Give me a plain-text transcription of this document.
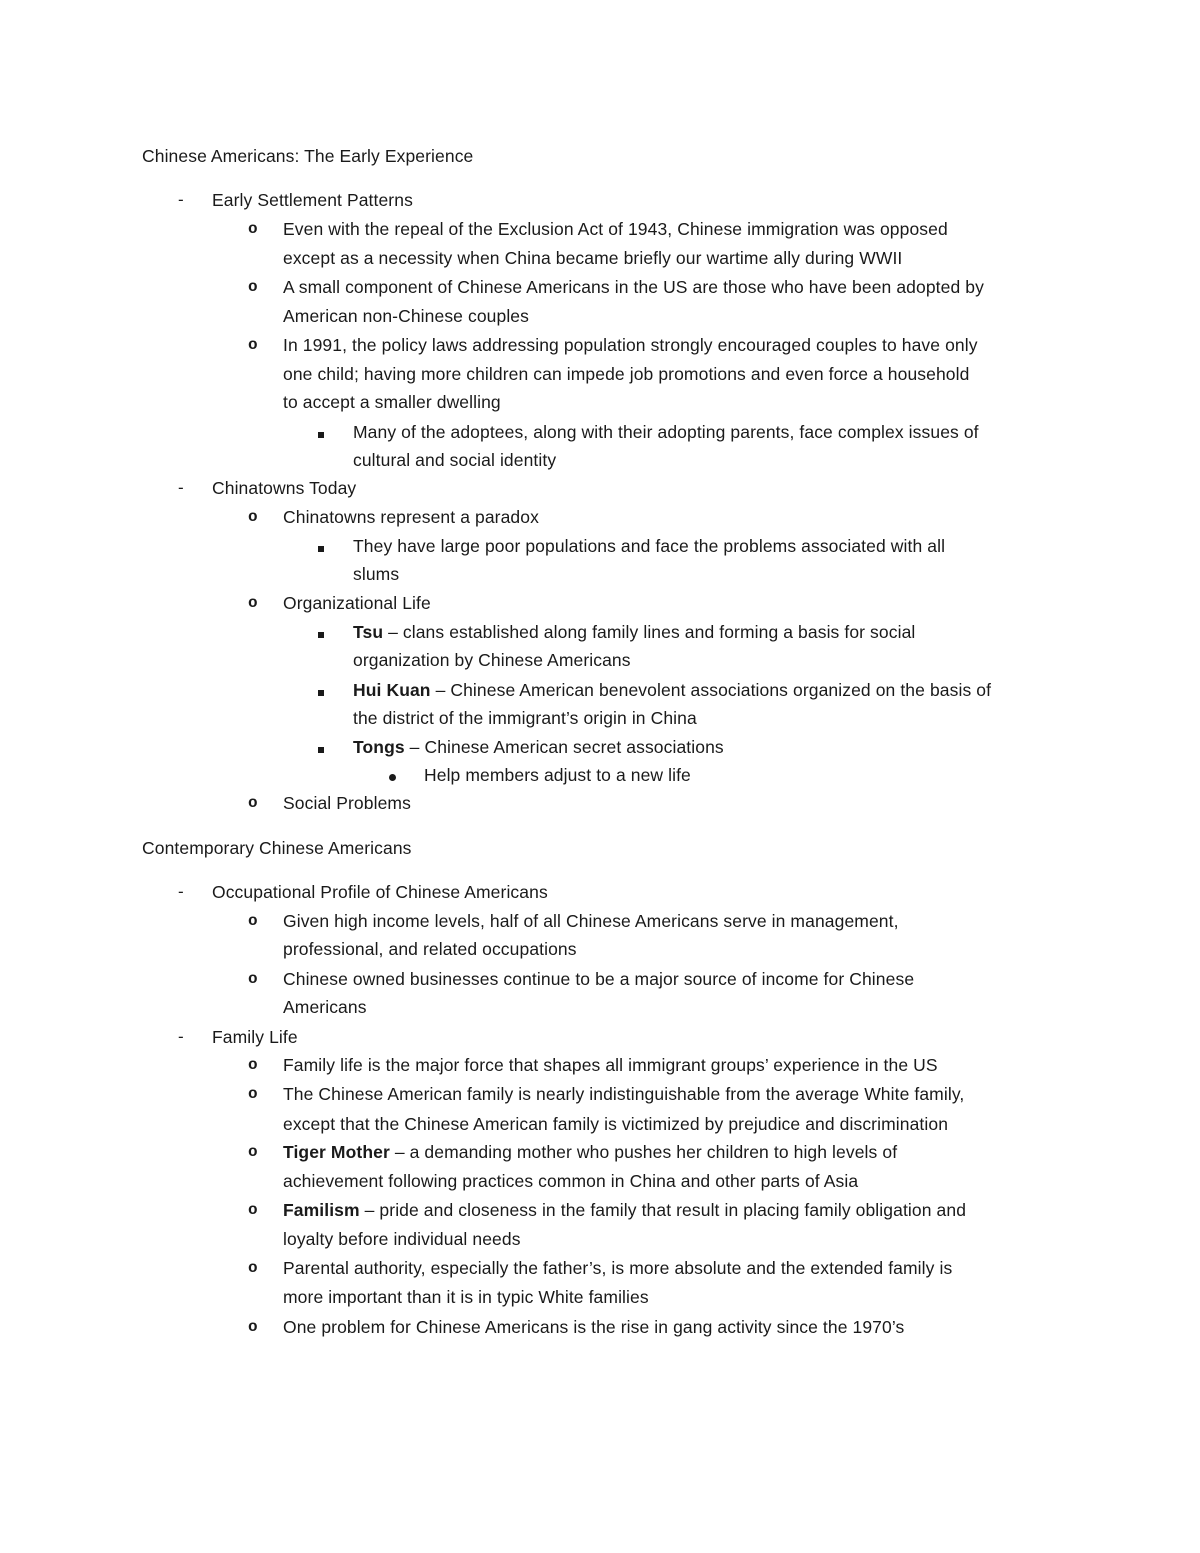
Chinese Americans: The Early Experience
- Early Settlement Patterns
o Even with the repeal of the Exclusion Act of 1943, Chinese immigration was opposed
except as a necessity when China became briefly our wartime ally during WWII
o A small component of Chinese Americans in the US are those who have been adopted by
American non-Chinese couples
o In 1991, the policy laws addressing population strongly encouraged couples to have only
one child; having more children can impede job promotions and even force a household
to accept a smaller dwelling
Many of the adoptees, along with their adopting parents, face complex issues of
cultural and social identity
- Chinatowns Today
o Chinatowns represent a paradox
They have large poor populations and face the problems associated with all
slums
o Organizational Life
Tsu – clans established along family lines and forming a basis for social
organization by Chinese Americans
Hui Kuan – Chinese American benevolent associations organized on the basis of
the district of the immigrant’s origin in China
Tongs – Chinese American secret associations
Help members adjust to a new life
o Social Problems
Contemporary Chinese Americans
- Occupational Profile of Chinese Americans
o Given high income levels, half of all Chinese Americans serve in management,
professional, and related occupations
o Chinese owned businesses continue to be a major source of income for Chinese
Americans
- Family Life
o Family life is the major force that shapes all immigrant groups’ experience in the US
o The Chinese American family is nearly indistinguishable from the average White family,
except that the Chinese American family is victimized by prejudice and discrimination
o Tiger Mother – a demanding mother who pushes her children to high levels of
achievement following practices common in China and other parts of Asia
o Familism – pride and closeness in the family that result in placing family obligation and
loyalty before individual needs
o Parental authority, especially the father’s, is more absolute and the extended family is
more important than it is in typic White families
o One problem for Chinese Americans is the rise in gang activity since the 1970’s
